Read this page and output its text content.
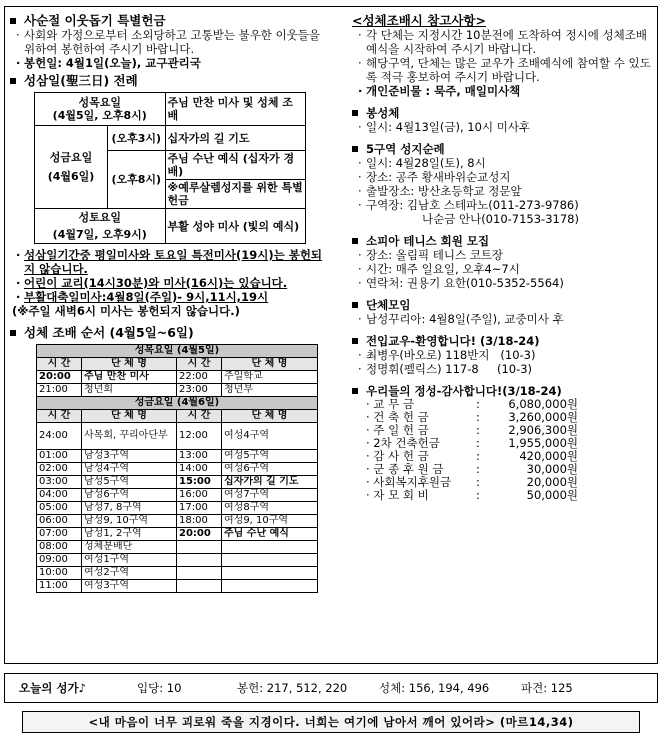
사순절 이웃돕기 특별헌금
· 사회와 가정으로부터 소외당하고 고통받는 불우한 이웃들을 위하여 봉헌하여 주시기 바랍니다.
· 봉헌일: 4월1일(오늘), 교구관리국
성삼일(聖三日) 전례
성목요일
(4월5일, 오후8시)		주님 만찬 미사 및 성체 조배

성금요일
(4월6일)	(오후3시)	십자가의 길 기도
	(오후8시)	주님 수난 예식 (십자가 경배)
		※예루살렘성지를 위한 특별헌금

성토요일
(4월7일, 오후9시)		부활 성야 미사 (빛의 예식)
· 성삼일기간중 평일미사와 토요일 특전미사(19시)는 봉헌되지 않습니다.
· 어린이 교리(14시30분)와 미사(16시)는 있습니다.
· 부활대축일미사:4월8일(주일)- 9시,11시,19시
(※주일 새벽6시 미사는 봉헌되지 않습니다.)
성체 조배 순서 (4월5일~6일)
성목요일 (4월5일)			
시 간	단 체 명	시 간	단 체 명
20:00	주님 만찬 미사	22:00	주일학교
21:00	청년회	23:00	청년부
성금요일 (4월6일)			
시 간	단 체 명	시 간	단 체 명
24:00	사목회, 꾸리아단부	12:00	여성4구역
01:00	남성3구역	13:00	여성5구역
02:00	남성4구역	14:00	여성6구역
03:00	남성5구역	15:00	십자가의 길 기도
04:00	남성6구역	16:00	여성7구역
05:00	남성7, 8구역	17:00	여성8구역
06:00	남성9, 10구역	18:00	여성9, 10구역
07:00	남성1, 2구역	20:00	주님 수난 예식
08:00	성체분배단		
09:00	여성1구역		
10:00	여성2구역		
11:00	여성3구역		
<성체조배시 참고사항>
· 각 단체는 지정시간 10분전에 도착하여 정시에 성체조배 예식을 시작하여 주시기 바랍니다.
· 해당구역, 단체는 많은 교우가 조배예식에 참여할 수 있도록 적극 홍보하여 주시기 바랍니다.
· 개인준비물 : 묵주, 매일미사책
봉성체
· 일시: 4월13일(금), 10시 미사후
5구역 성지순례
· 일시: 4월28일(토), 8시
· 장소: 공주 황새바위순교성지
· 출발장소: 방산초등학교 정문앞
· 구역장: 김남호 스테파노(011-273-9786)
나순금 안나(010-7153-3178)
소피아 테니스 회원 모집
· 장소: 올림픽 테니스 코트장
· 시간: 매주 일요일, 오후4~7시
· 연락처: 권용기 요한(010-5352-5564)
단체모임
· 남성꾸리아: 4월8일(주일), 교중미사 후
전입교우-환영합니다! (3/18-24)
· 최병우(바오로) 118반지   (10-3)
· 정명휘(펠릭스) 117-8     (10-3)
우리들의 정성-감사합니다!(3/18-24)
· 교 무 금	:	6,080,000원
· 건 축 헌 금	:	3,260,000원
· 주 일 헌 금	:	2,906,300원
· 2차 건축헌금	:	1,955,000원
· 감 사 헌 금	:	420,000원
· 군 종 후 원 금	:	30,000원
· 사회복지후원금	:	20,000원
· 자 모 회 비	:	50,000원
오늘의 성가♪	입당: 10	봉헌: 217, 512, 220	성체: 156, 194, 496	파견: 125
<내 마음이 너무 괴로워 죽을 지경이다. 너희는 여기에 남아서 깨어 있어라> (마르14,34)
